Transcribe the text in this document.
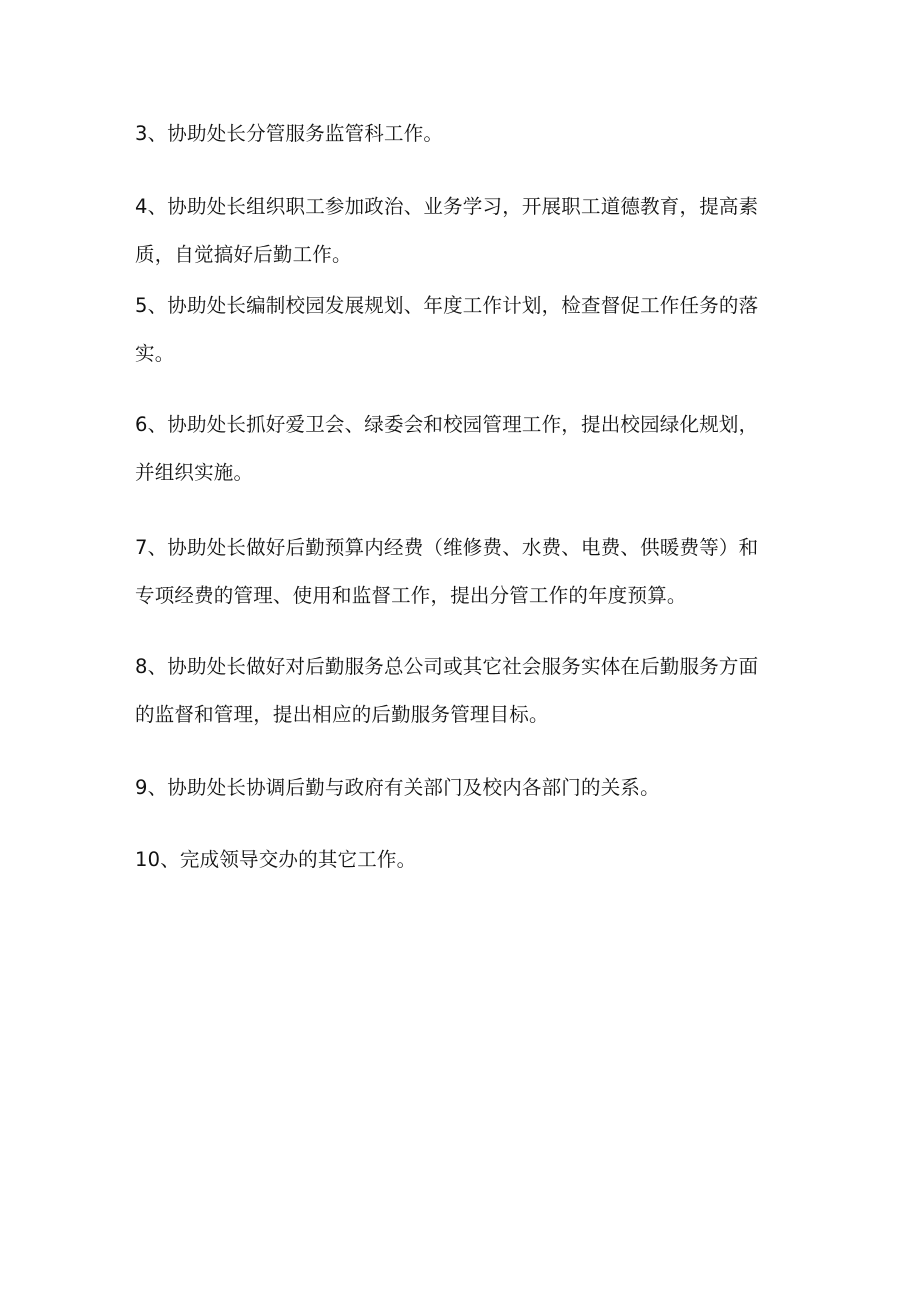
3、协助处长分管服务监管科工作。

4、协助处长组织职工参加政治、业务学习，开展职工道德教育，提高素质，自觉搞好后勤工作。

5、协助处长编制校园发展规划、年度工作计划，检查督促工作任务的落实。

6、协助处长抓好爱卫会、绿委会和校园管理工作，提出校园绿化规划，并组织实施。

7、协助处长做好后勤预算内经费（维修费、水费、电费、供暖费等）和专项经费的管理、使用和监督工作，提出分管工作的年度预算。

8、协助处长做好对后勤服务总公司或其它社会服务实体在后勤服务方面的监督和管理，提出相应的后勤服务管理目标。

9、协助处长协调后勤与政府有关部门及校内各部门的关系。

10、完成领导交办的其它工作。
